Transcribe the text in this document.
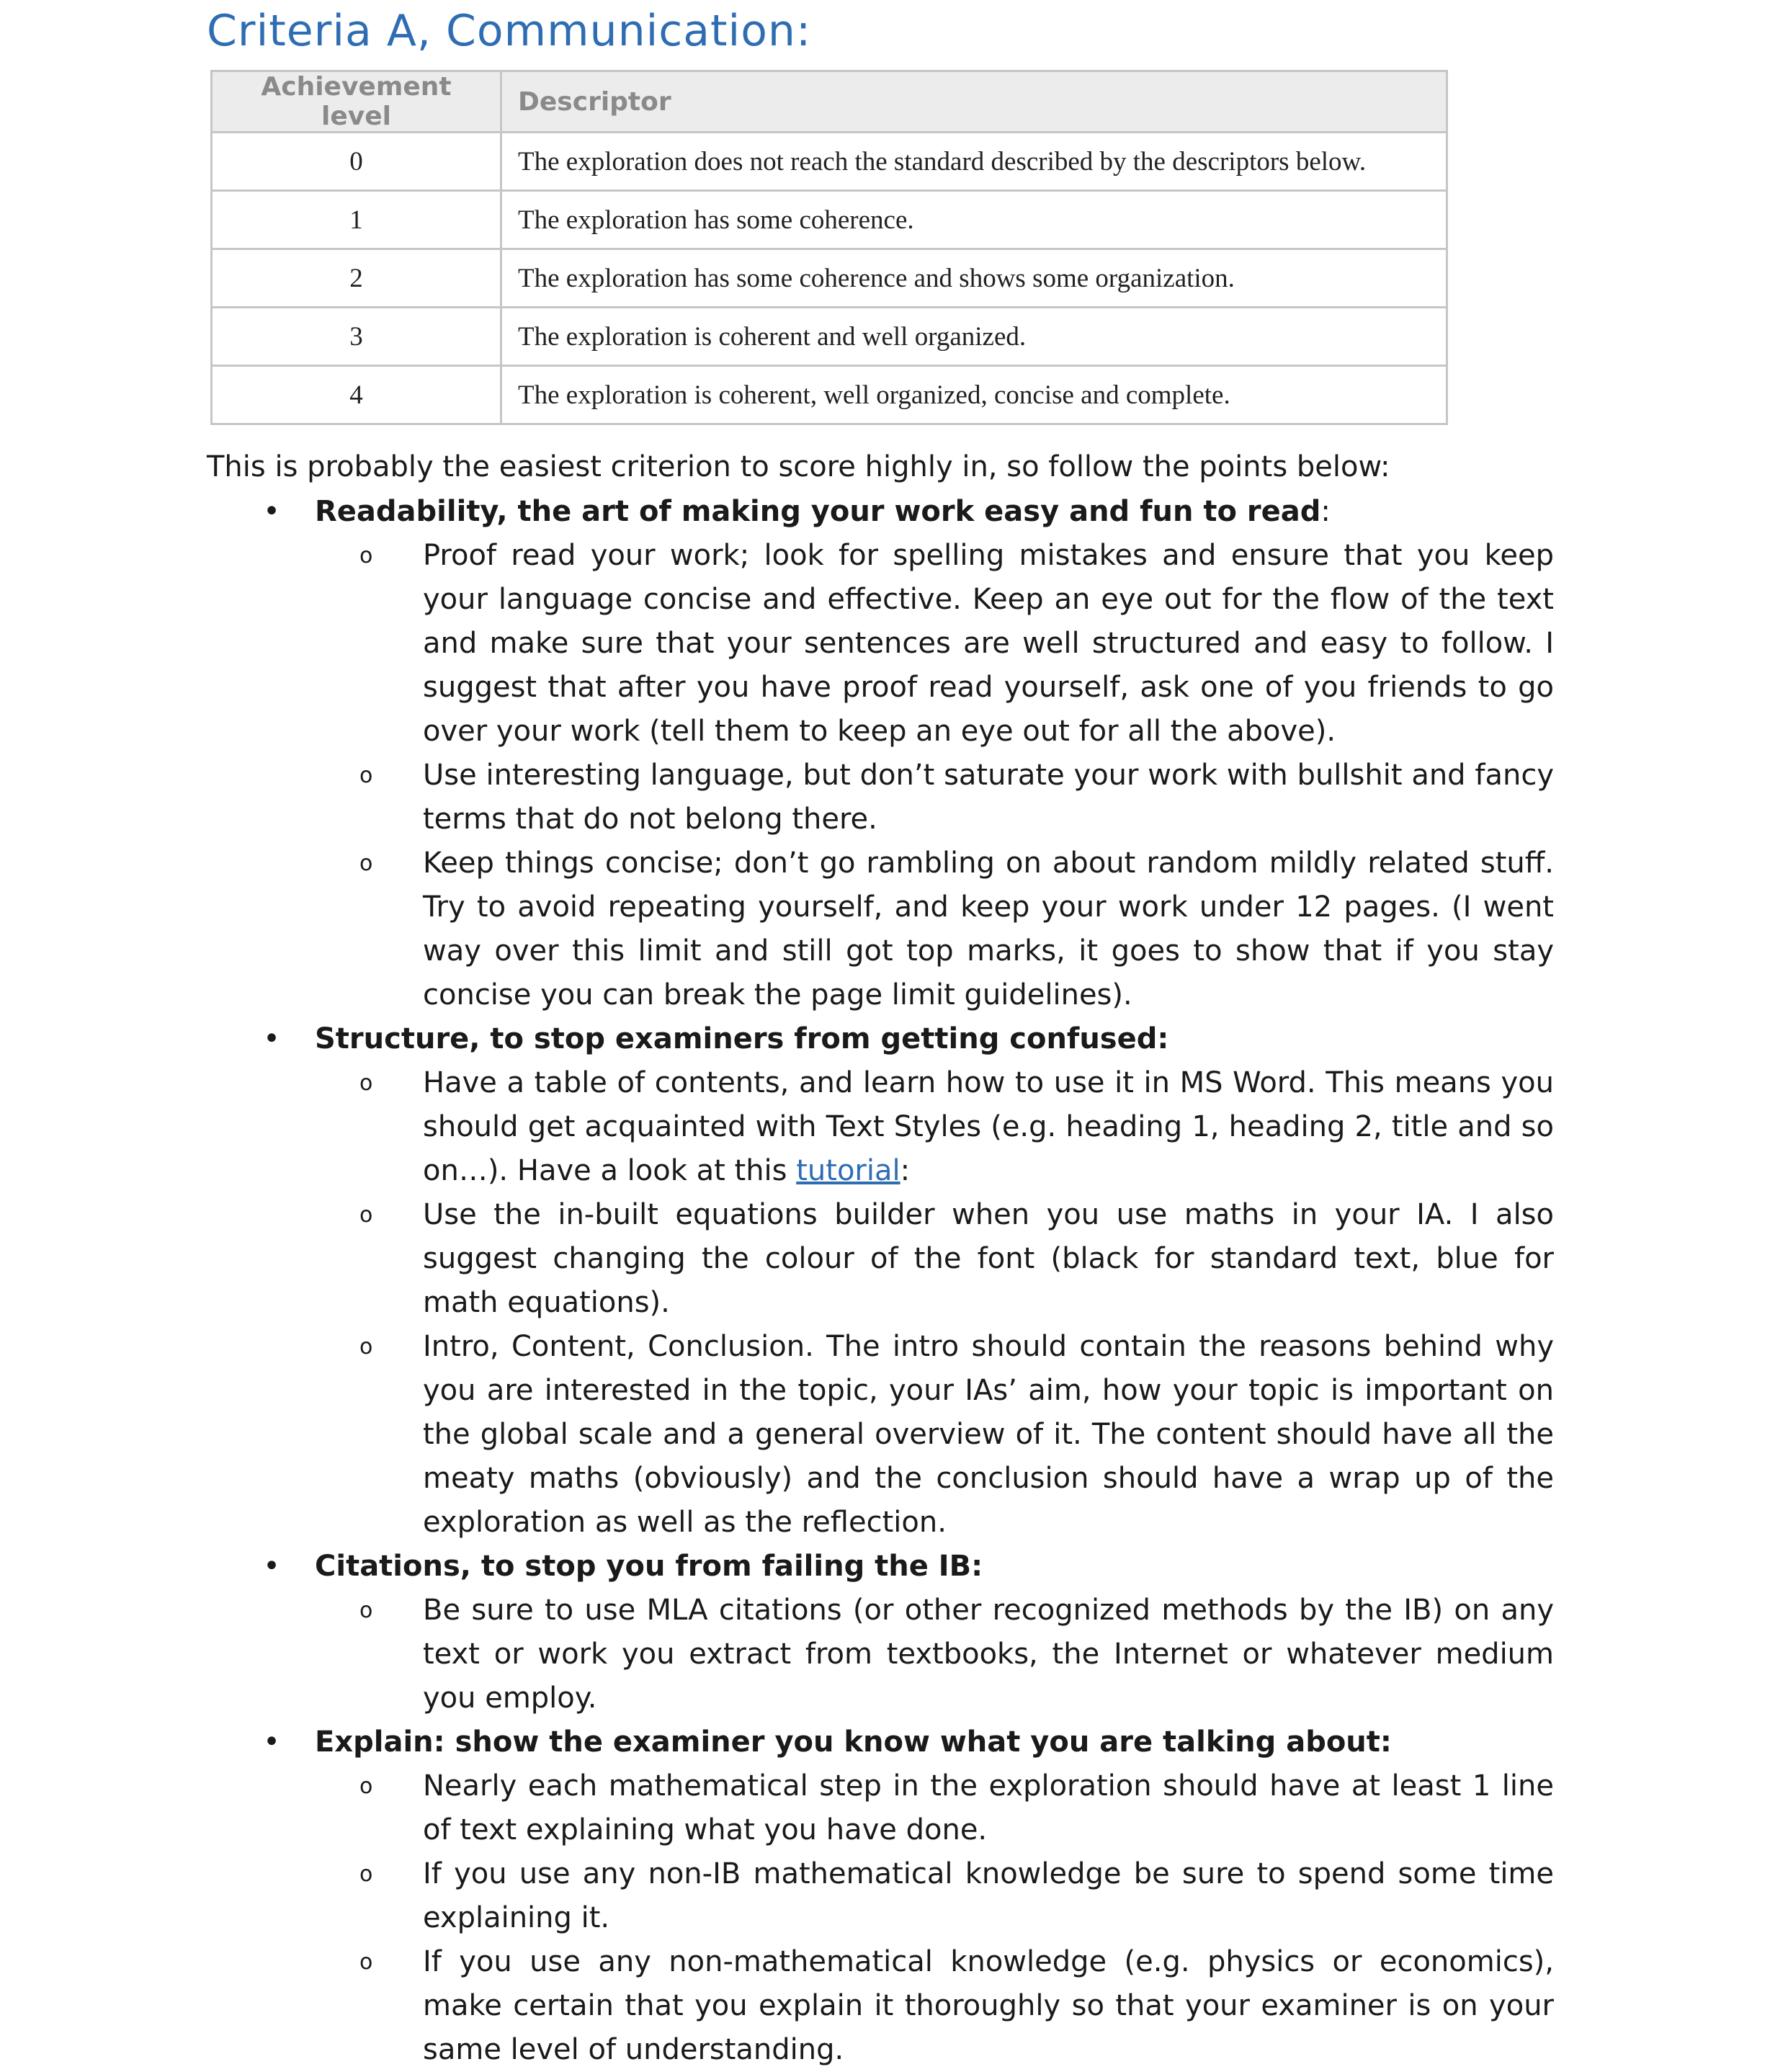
Criteria A, Communication:
Achievement level	Descriptor
0	The exploration does not reach the standard described by the descriptors below.
1	The exploration has some coherence.
2	The exploration has some coherence and shows some organization.
3	The exploration is coherent and well organized.
4	The exploration is coherent, well organized, concise and complete.

This is probably the easiest criterion to score highly in, so follow the points below:

• Readability, the art of making your work easy and fun to read:
o Proof read your work; look for spelling mistakes and ensure that you keep your language concise and effective. Keep an eye out for the flow of the text and make sure that your sentences are well structured and easy to follow. I suggest that after you have proof read yourself, ask one of you friends to go over your work (tell them to keep an eye out for all the above).
o Use interesting language, but don’t saturate your work with bullshit and fancy terms that do not belong there.
o Keep things concise; don’t go rambling on about random mildly related stuff. Try to avoid repeating yourself, and keep your work under 12 pages. (I went way over this limit and still got top marks, it goes to show that if you stay concise you can break the page limit guidelines).
• Structure, to stop examiners from getting confused:
o Have a table of contents, and learn how to use it in MS Word. This means you should get acquainted with Text Styles (e.g. heading 1, heading 2, title and so on…). Have a look at this tutorial:
o Use the in-built equations builder when you use maths in your IA. I also suggest changing the colour of the font (black for standard text, blue for math equations).
o Intro, Content, Conclusion. The intro should contain the reasons behind why you are interested in the topic, your IAs’ aim, how your topic is important on the global scale and a general overview of it. The content should have all the meaty maths (obviously) and the conclusion should have a wrap up of the exploration as well as the reflection.
• Citations, to stop you from failing the IB:
o Be sure to use MLA citations (or other recognized methods by the IB) on any text or work you extract from textbooks, the Internet or whatever medium you employ.
• Explain: show the examiner you know what you are talking about:
o Nearly each mathematical step in the exploration should have at least 1 line of text explaining what you have done.
o If you use any non-IB mathematical knowledge be sure to spend some time explaining it.
o If you use any non-mathematical knowledge (e.g. physics or economics), make certain that you explain it thoroughly so that your examiner is on your same level of understanding.
